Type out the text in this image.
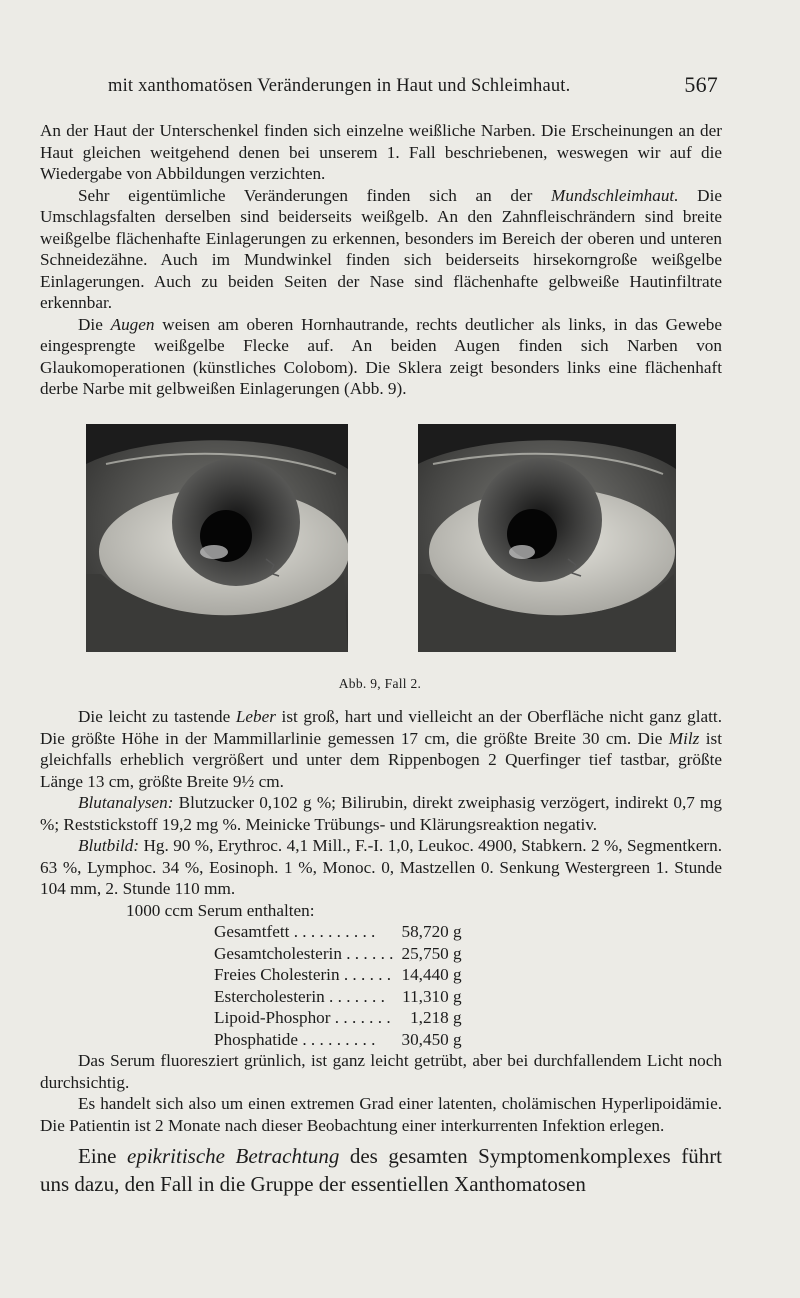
mit xanthomatösen Veränderungen in Haut und Schleimhaut.	567

An der Haut der Unterschenkel finden sich einzelne weißliche Narben. Die Erscheinungen an der Haut gleichen weitgehend denen bei unserem 1. Fall beschriebenen, weswegen wir auf die Wiedergabe von Abbildungen verzichten.

Sehr eigentümliche Veränderungen finden sich an der Mundschleimhaut. Die Umschlagsfalten derselben sind beiderseits weißgelb. An den Zahnfleischrändern sind breite weißgelbe flächenhafte Einlagerungen zu erkennen, besonders im Bereich der oberen und unteren Schneidezähne. Auch im Mundwinkel finden sich beiderseits hirsekorngroße weißgelbe Einlagerungen. Auch zu beiden Seiten der Nase sind flächenhafte gelbweiße Hautinfiltrate erkennbar.

Die Augen weisen am oberen Hornhautrande, rechts deutlicher als links, in das Gewebe eingesprengte weißgelbe Flecke auf. An beiden Augen finden sich Narben von Glaukomoperationen (künstliches Colobom). Die Sklera zeigt besonders links eine flächenhaft derbe Narbe mit gelbweißen Einlagerungen (Abb. 9).

Abb. 9, Fall 2.

Die leicht zu tastende Leber ist groß, hart und vielleicht an der Oberfläche nicht ganz glatt. Die größte Höhe in der Mammillarlinie gemessen 17 cm, die größte Breite 30 cm. Die Milz ist gleichfalls erheblich vergrößert und unter dem Rippenbogen 2 Querfinger tief tastbar, größte Länge 13 cm, größte Breite 9½ cm.

Blutanalysen: Blutzucker 0,102 g %; Bilirubin, direkt zweiphasig verzögert, indirekt 0,7 mg %; Reststickstoff 19,2 mg %. Meinicke Trübungs- und Klärungsreaktion negativ.

Blutbild: Hg. 90 %, Erythroc. 4,1 Mill., F.-I. 1,0, Leukoc. 4900, Stabkern. 2 %, Segmentkern. 63 %, Lymphoc. 34 %, Eosinoph. 1 %, Monoc. 0, Mastzellen 0. Senkung Westergreen 1. Stunde 104 mm, 2. Stunde 110 mm.

1000 ccm Serum enthalten:

Gesamtfett . . . . . . . . . .	58,720 g
Gesamtcholesterin . . . . . .	25,750 g
Freies Cholesterin . . . . . .	14,440 g
Estercholesterin . . . . . . .	11,310 g
Lipoid-Phosphor . . . . . . .	1,218 g
Phosphatide . . . . . . . . .	30,450 g

Das Serum fluoresziert grünlich, ist ganz leicht getrübt, aber bei durchfallendem Licht noch durchsichtig.

Es handelt sich also um einen extremen Grad einer latenten, cholämischen Hyperlipoidämie. Die Patientin ist 2 Monate nach dieser Beobachtung einer interkurrenten Infektion erlegen.

Eine epikritische Betrachtung des gesamten Symptomenkomplexes führt uns dazu, den Fall in die Gruppe der essentiellen Xanthomatosen
